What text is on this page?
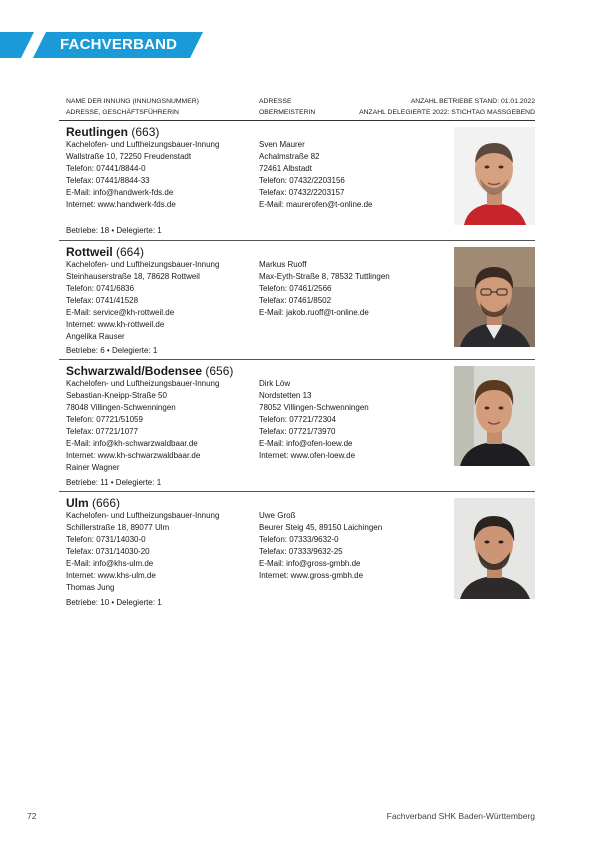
FACHVERBAND
NAME DER INNUNG (INNUNGSNUMMER)
ADRESSE, GESCHÄFTSFÜHRERIN
ADRESSE
OBERMEISTERIN
ANZAHL BETRIEBE STAND: 01.01.2022
ANZAHL DELEGIERTE 2022: STICHTAG MASSGEBEND
Reutlingen (663)
Kachelofen- und Luftheizungsbauer-Innung
Wallstraße 10, 72250 Freudenstadt
Telefon: 07441/8844-0
Telefax: 07441/8844-33
E-Mail: info@handwerk-fds.de
Internet: www.handwerk-fds.de
Sven Maurer
Achalmstraße 82
72461 Albstadt
Telefon: 07432/2203156
Telefax: 07432/2203157
E-Mail: maurerofen@t-online.de
Betriebe: 18 • Delegierte: 1
Rottweil (664)
Kachelofen- und Luftheizungsbauer-Innung
Steinhauserstraße 18, 78628 Rottweil
Telefon: 0741/6836
Telefax: 0741/41528
E-Mail: service@kh-rottweil.de
Internet: www.kh-rottweil.de
Angelika Rauser
Markus Ruoff
Max-Eyth-Straße 8, 78532 Tuttlingen
Telefon: 07461/2566
Telefax: 07461/8502
E-Mail: jakob.ruoff@t-online.de
Betriebe: 6 • Delegierte: 1
Schwarzwald/Bodensee (656)
Kachelofen- und Luftheizungsbauer-Innung
Sebastian-Kneipp-Straße 50
78048 Villingen-Schwenningen
Telefon: 07721/51059
Telefax: 07721/1077
E-Mail: info@kh-schwarzwaldbaar.de
Internet: www.kh-schwarzwaldbaar.de
Rainer Wagner
Dirk Löw
Nordstetten 13
78052 Villingen-Schwenningen
Telefon: 07721/72304
Telefax: 07721/73970
E-Mail: info@ofen-loew.de
Internet: www.ofen-loew.de
Betriebe: 11 • Delegierte: 1
Ulm (666)
Kachelofen- und Luftheizungsbauer-Innung
Schillerstraße 18, 89077 Ulm
Telefon: 0731/14030-0
Telefax: 0731/14030-20
E-Mail: info@khs-ulm.de
Internet: www.khs-ulm.de
Thomas Jung
Uwe Groß
Beurer Steig 45, 89150 Laichingen
Telefon: 07333/9632-0
Telefax: 07333/9632-25
E-Mail: info@gross-gmbh.de
Internet: www.gross-gmbh.de
Betriebe: 10 • Delegierte: 1
72	Fachverband SHK Baden-Württemberg
